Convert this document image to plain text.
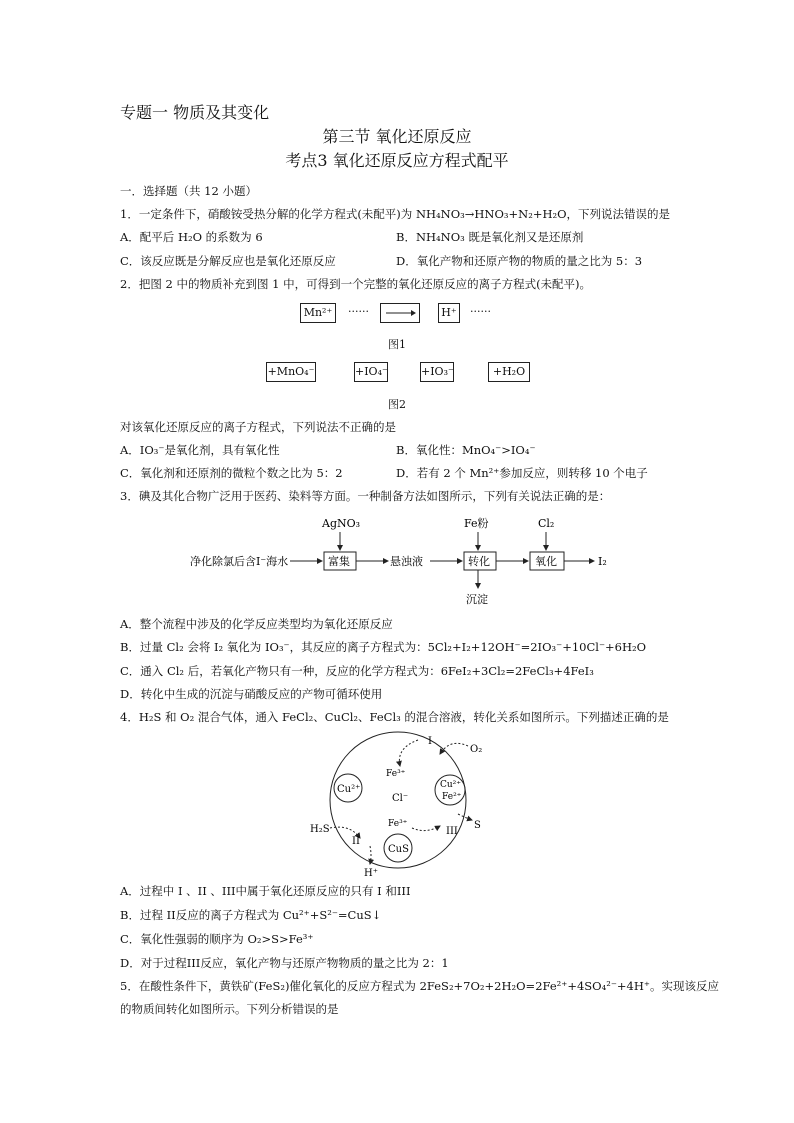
专题一 物质及其变化
第三节 氧化还原反应
考点3 氧化还原反应方程式配平
一．选择题（共 12 小题）
1．一定条件下，硝酸铵受热分解的化学方程式(未配平)为 NH₄NO₃→HNO₃+N₂+H₂O，下列说法错误的是
A．配平后 H₂O 的系数为 6	B．NH₄NO₃ 既是氧化剂又是还原剂
C．该反应既是分解反应也是氧化还原反应	D．氧化产物和还原产物的物质的量之比为 5：3
2．把图 2 中的物质补充到图 1 中，可得到一个完整的氧化还原反应的离子方程式(未配平)。
Mn²⁺	······	H⁺ ······
图1
+MnO₄⁻	+IO₄⁻	+IO₃⁻	+H₂O
图2
对该氧化还原反应的离子方程式，下列说法不正确的是
A．IO₃⁻是氧化剂，具有氧化性	B．氧化性：MnO₄⁻>IO₄⁻
C．氧化剂和还原剂的微粒个数之比为 5：2	D．若有 2 个 Mn²⁺参加反应，则转移 10 个电子
3．碘及其化合物广泛用于医药、染料等方面。一种制备方法如图所示，下列有关说法正确的是：
净化除氯后含I⁻海水
AgNO₃
富集	悬浊液
Fe粉
转化
沉淀
Cl₂
氧化	I₂
A．整个流程中涉及的化学反应类型均为氧化还原反应
B．过量 Cl₂ 会将 I₂ 氧化为 IO₃⁻，其反应的离子方程式为：5Cl₂+I₂+12OH⁻=2IO₃⁻+10Cl⁻+6H₂O
C．通入 Cl₂ 后，若氧化产物只有一种，反应的化学方程式为：6FeI₂+3Cl₂=2FeCl₃+4FeI₃
D．转化中生成的沉淀与硝酸反应的产物可循环使用
4．H₂S 和 O₂ 混合气体，通入 FeCl₂、CuCl₂、FeCl₃ 的混合溶液，转化关系如图所示。下列描述正确的是
Cu²⁺	Cu²⁺
Fe²⁺
CuS
Cl⁻
I
O₂
Fe³⁺
Fe³⁺
H₂S
II
H⁺
III
S
A．过程中 I 、II 、III中属于氧化还原反应的只有 I 和III
B．过程 II反应的离子方程式为 Cu²⁺+S²⁻=CuS↓
C．氧化性强弱的顺序为 O₂>S>Fe³⁺
D．对于过程III反应，氧化产物与还原产物物质的量之比为 2：1
5．在酸性条件下，黄铁矿(FeS₂)催化氧化的反应方程式为 2FeS₂+7O₂+2H₂O=2Fe²⁺+4SO₄²⁻+4H⁺。实现该反应
的物质间转化如图所示。下列分析错误的是
